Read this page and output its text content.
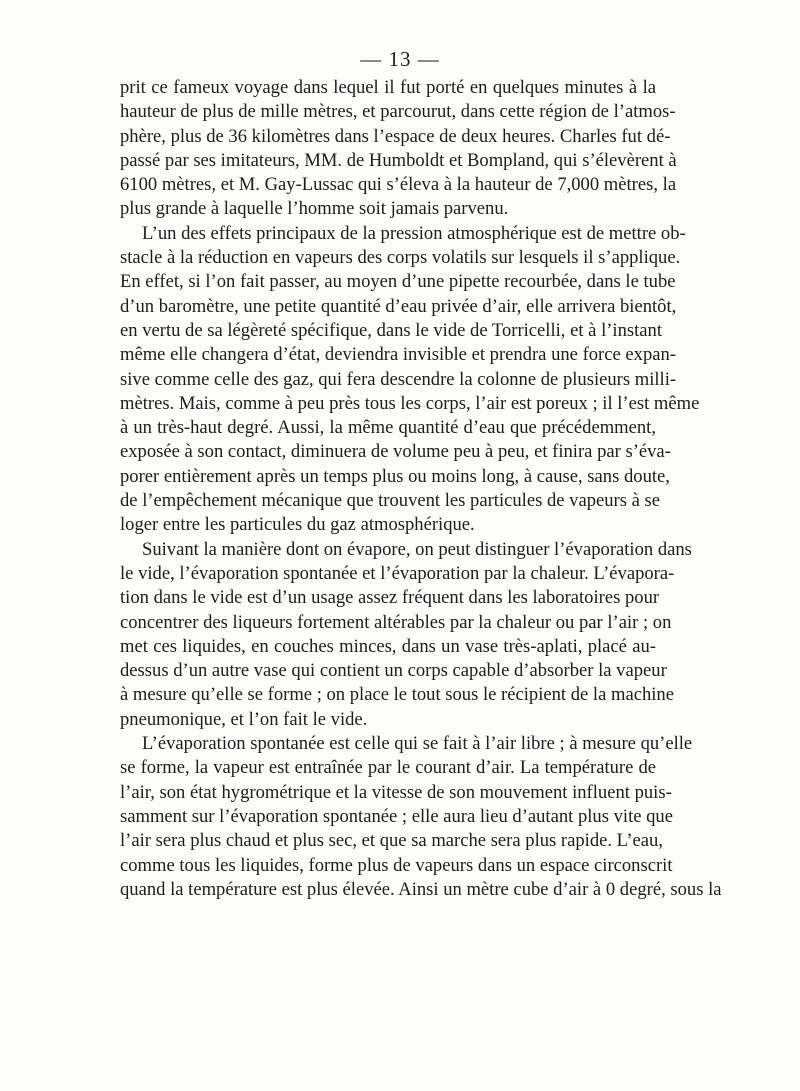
— 13 —
prit ce fameux voyage dans lequel il fut porté en quelques minutes à la
hauteur de plus de mille mètres, et parcourut, dans cette région de l’atmos-
phère, plus de 36 kilomètres dans l’espace de deux heures. Charles fut dé-
passé par ses imitateurs, MM. de Humboldt et Bompland, qui s’élevèrent à
6100 mètres, et M. Gay-Lussac qui s’éleva à la hauteur de 7,000 mètres, la
plus grande à laquelle l’homme soit jamais parvenu.
L’un des effets principaux de la pression atmosphérique est de mettre ob-
stacle à la réduction en vapeurs des corps volatils sur lesquels il s’applique.
En effet, si l’on fait passer, au moyen d’une pipette recourbée, dans le tube
d’un baromètre, une petite quantité d’eau privée d’air, elle arrivera bientôt,
en vertu de sa légèreté spécifique, dans le vide de Torricelli, et à l’instant
même elle changera d’état, deviendra invisible et prendra une force expan-
sive comme celle des gaz, qui fera descendre la colonne de plusieurs milli-
mètres. Mais, comme à peu près tous les corps, l’air est poreux ; il l’est même
à un très-haut degré. Aussi, la même quantité d’eau que précédemment,
exposée à son contact, diminuera de volume peu à peu, et finira par s’éva-
porer entièrement après un temps plus ou moins long, à cause, sans doute,
de l’empêchement mécanique que trouvent les particules de vapeurs à se
loger entre les particules du gaz atmosphérique.
Suivant la manière dont on évapore, on peut distinguer l’évaporation dans
le vide, l’évaporation spontanée et l’évaporation par la chaleur. L’évapora-
tion dans le vide est d’un usage assez fréquent dans les laboratoires pour
concentrer des liqueurs fortement altérables par la chaleur ou par l’air ; on
met ces liquides, en couches minces, dans un vase très-aplati, placé au-
dessus d’un autre vase qui contient un corps capable d’absorber la vapeur
à mesure qu’elle se forme ; on place le tout sous le récipient de la machine
pneumonique, et l’on fait le vide.
L’évaporation spontanée est celle qui se fait à l’air libre ; à mesure qu’elle
se forme, la vapeur est entraînée par le courant d’air. La température de
l’air, son état hygrométrique et la vitesse de son mouvement influent puis-
samment sur l’évaporation spontanée ; elle aura lieu d’autant plus vite que
l’air sera plus chaud et plus sec, et que sa marche sera plus rapide. L’eau,
comme tous les liquides, forme plus de vapeurs dans un espace circonscrit
quand la température est plus élevée. Ainsi un mètre cube d’air à 0 degré, sous la
